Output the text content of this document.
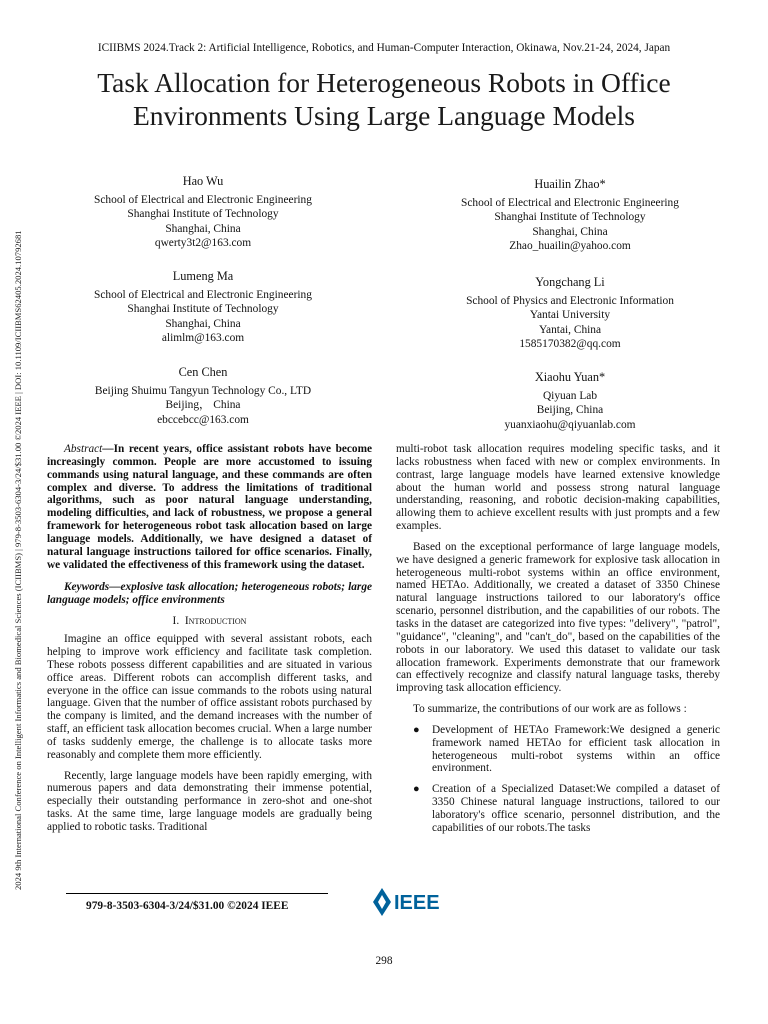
ICIIBMS 2024.Track 2: Artificial Intelligence, Robotics, and Human-Computer Interaction, Okinawa, Nov.21-24, 2024, Japan
Task Allocation for Heterogeneous Robots in Office Environments Using Large Language Models
2024 9th International Conference on Intelligent Informatics and Biomedical Sciences (ICIIBMS) | 979-8-3503-6304-3/24/$31.00 ©2024 IEEE | DOI: 10.1109/ICIIBMS62405.2024.10792681
Hao Wu
School of Electrical and Electronic Engineering
Shanghai Institute of Technology
Shanghai, China
qwerty3t2@163.com
Lumeng Ma
School of Electrical and Electronic Engineering
Shanghai Institute of Technology
Shanghai, China
alimlm@163.com
Cen Chen
Beijing Shuimu Tangyun Technology Co., LTD
Beijing， China
ebccebcc@163.com
Huailin Zhao*
School of Electrical and Electronic Engineering
Shanghai Institute of Technology
Shanghai, China
Zhao_huailin@yahoo.com
Yongchang Li
School of Physics and Electronic Information
Yantai University
Yantai, China
1585170382@qq.com
Xiaohu Yuan*
Qiyuan Lab
Beijing, China
yuanxiaohu@qiyuanlab.com

Abstract—In recent years, office assistant robots have become increasingly common. People are more accustomed to issuing commands using natural language, and these commands are often complex and diverse. To address the limitations of traditional algorithms, such as poor natural language understanding, modeling difficulties, and lack of robustness, we propose a general framework for heterogeneous robot task allocation based on large language models. Additionally, we have designed a dataset of natural language instructions tailored for office scenarios. Finally, we validated the effectiveness of this framework using the dataset.

Keywords—explosive task allocation; heterogeneous robots; large language models; office environments

I. Introduction

Imagine an office equipped with several assistant robots, each helping to improve work efficiency and facilitate task completion. These robots possess different capabilities and are situated in various office areas. Different robots can accomplish different tasks, and everyone in the office can issue commands to the robots using natural language. Given that the number of office assistant robots purchased by the company is limited, and the demand increases with the number of staff, an efficient task allocation becomes crucial. When a large number of tasks suddenly emerge, the challenge is to allocate tasks more reasonably and complete them more efficiently.

Recently, large language models have been rapidly emerging, with numerous papers and data demonstrating their immense potential, especially their outstanding performance in zero-shot and one-shot tasks. At the same time, large language models are gradually being applied to robotic tasks. Traditional

multi-robot task allocation requires modeling specific tasks, and it lacks robustness when faced with new or complex environments. In contrast, large language models have learned extensive knowledge about the human world and possess strong natural language understanding, reasoning, and robotic decision-making capabilities, allowing them to achieve excellent results with just prompts and a few examples.

Based on the exceptional performance of large language models, we have designed a generic framework for explosive task allocation in heterogeneous multi-robot systems within an office environment, named HETAo. Additionally, we created a dataset of 3350 Chinese natural language instructions tailored to our laboratory's office scenario, personnel distribution, and the capabilities of our robots. The tasks in the dataset are categorized into five types: "delivery", "patrol", "guidance", "cleaning", and "can't_do", based on the capabilities of the robots in our laboratory. We used this dataset to validate our task allocation framework. Experiments demonstrate that our framework can effectively recognize and classify natural language tasks, thereby improving task allocation efficiency.

To summarize, the contributions of our work are as follows :

● Development of HETAo Framework:We designed a generic framework named HETAo for efficient task allocation in heterogeneous multi-robot systems within an office environment.
● Creation of a Specialized Dataset:We compiled a dataset of 3350 Chinese natural language instructions, tailored to our laboratory's office scenario, personnel distribution, and the capabilities of our robots.The tasks
979-8-3503-6304-3/24/$31.00 ©2024 IEEE	IEEE
298
